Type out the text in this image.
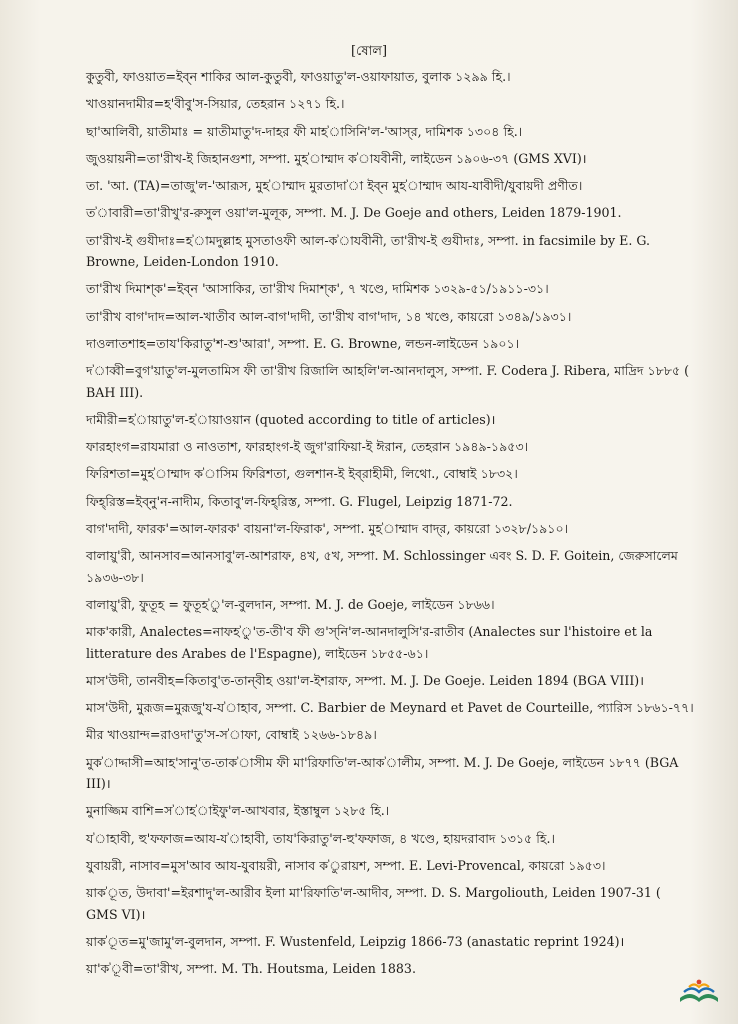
[ষোল]

কুতুবী, ফাওয়াত=ইব্‌ন শাকির আল-কুতুবী, ফাওয়াতু'ল-ওয়াফায়াত, বুলাক ১২৯৯ হি.।

খাওয়ানদামীর=হ'বীবু'স-সিয়ার, তেহরান ১২৭১ হি.।

ছা'আলিবী, য়াতীমাঃ = য়াতীমাতু'দ-দাহর ফী মাহ'াসিনি'ল-'আস্‌র, দামিশক ১৩০৪ হি.।

জুওয়ায়নী=তা'রীখ-ই জিহানগুশা, সম্পা. মুহ'াম্মাদ ক'াযবীনী, লাইডেন ১৯০৬-৩৭ (GMS XVI)।

তা. 'আ. (TA)=তাজু'ল-'আরূস, মুহ'াম্মাদ মুরতাদা'া ইব্‌ন মুহ'াম্মাদ আয-যাবীদী/যুবায়দী প্রণীত।

ত'াবারী=তা'রীখু'র-রুসুল ওয়া'ল-মুলূক, সম্পা. M. J. De Goeje and others, Leiden 1879-1901.

তা'রীখ-ই গুযীদাঃ=হ'ামদুল্লাহ মুসতাওফী আল-ক'াযবীনী, তা'রীখ-ই গুযীদাঃ, সম্পা. in facsimile by E. G. Browne, Leiden-London 1910.

তা'রীখ দিমাশ্‌ক'=ইব্‌ন 'আসাকির, তা'রীখ দিমাশ্‌ক', ৭ খণ্ডে, দামিশক ১৩২৯-৫১/১৯১১-৩১।

তা'রীখ বাগ'দাদ=আল-খাতীব আল-বাগ'দাদী, তা'রীখ বাগ'দাদ, ১৪ খণ্ডে, কায়রো ১৩৪৯/১৯৩১।

দাওলাতশাহ=তায'কিরাতু'শ-শু'আরা', সম্পা. E. G. Browne, লন্ডন-লাইডেন ১৯০১।

দ'াব্বী=বুগ'য়াতু'ল-মুলতামিস ফী তা'রীখ রিজালি আহলি'ল-আনদালুস, সম্পা. F. Codera J. Ribera, মাদ্রিদ ১৮৮৫ ( BAH III).

দামীরী=হ'ায়াতু'ল-হ'ায়াওয়ান (quoted according to title of articles)।

ফারহাংগ=রাযমারা ও নাওতাশ, ফারহাংগ-ই জুগ'রাফিয়া-ই ঈরান, তেহরান ১৯৪৯-১৯৫৩।

ফিরিশতা=মুহ'াম্মাদ ক'াসিম ফিরিশতা, গুলশান-ই ইব্‌রাহীমী, লিথো., বোম্বাই ১৮৩২।

ফিহ্‌রিস্ত=ইব্‌নু'ন-নাদীম, কিতাবু'ল-ফিহ্‌রিস্ত, সম্পা. G. Flugel, Leipzig 1871-72.

বাগ'দাদী, ফারক'=আল-ফারক' বায়না'ল-ফিরাক', সম্পা. মুহ'াম্মাদ বাদ্‌র, কায়রো ১৩২৮/১৯১০।

বালায়ু'রী, আনসাব=আনসাবু'ল-আশরাফ, ৪খ, ৫খ, সম্পা. M. Schlossinger এবং S. D. F. Goitein, জেরুসালেম ১৯৩৬-৩৮।

বালায়ু'রী, ফুতূহ = ফুতূহ'ু'ল-বুলদান, সম্পা. M. J. de Goeje, লাইডেন ১৮৬৬।

মাক'কারী, Analectes=নাফহ'ু'ত-তী'ব ফী গু'স্‌নি'ল-আনদালুসি'র-রাতীব (Analectes sur l'histoire et la litterature des Arabes de l'Espagne), লাইডেন ১৮৫৫-৬১।

মাস'উদী, তানবীহ=কিতাবু'ত-তান্‌বীহ ওয়া'ল-ইশরাফ, সম্পা. M. J. De Goeje. Leiden 1894 (BGA VIII)।

মাস'উদী, মুরূজ=মুরূজু'য-য'াহাব, সম্পা. C. Barbier de Meynard et Pavet de Courteille, প্যারিস ১৮৬১-৭৭।

মীর খাওয়ান্দ=রাওদা'তু'স-স'াফা, বোম্বাই ১২৬৬-১৮৪৯।

মুক'াদ্দাসী=আহ'সানু'ত-তাক'াসীম ফী মা'রিফাতি'ল-আক'ালীম, সম্পা. M. J. De Goeje, লাইডেন ১৮৭৭ (BGA III)।

মুনাজ্জিম বাশি=স'াহ'াইফু'ল-আখবার, ইস্তাম্বুল ১২৮৫ হি.।

য'াহাবী, হু'ফফাজ=আয-য'াহাবী, তায'কিরাতু'ল-হু'ফফাজ, ৪ খণ্ডে, হায়দরাবাদ ১৩১৫ হি.।

যুবায়রী, নাসাব=মুস'আব আয-যুবায়রী, নাসাব ক'ুরায়শ, সম্পা. E. Levi-Provencal, কায়রো ১৯৫৩।

য়াক'ূত, উদাবা'=ইরশাদু'ল-আরীব ইলা মা'রিফাতি'ল-আদীব, সম্পা. D. S. Margoliouth, Leiden 1907-31 ( GMS VI)।

য়াক'ূত=মু'জামু'ল-বুলদান, সম্পা. F. Wustenfeld, Leipzig 1866-73 (anastatic reprint 1924)।

য়া'ক'ূবী=তা'রীখ, সম্পা. M. Th. Houtsma, Leiden 1883.
